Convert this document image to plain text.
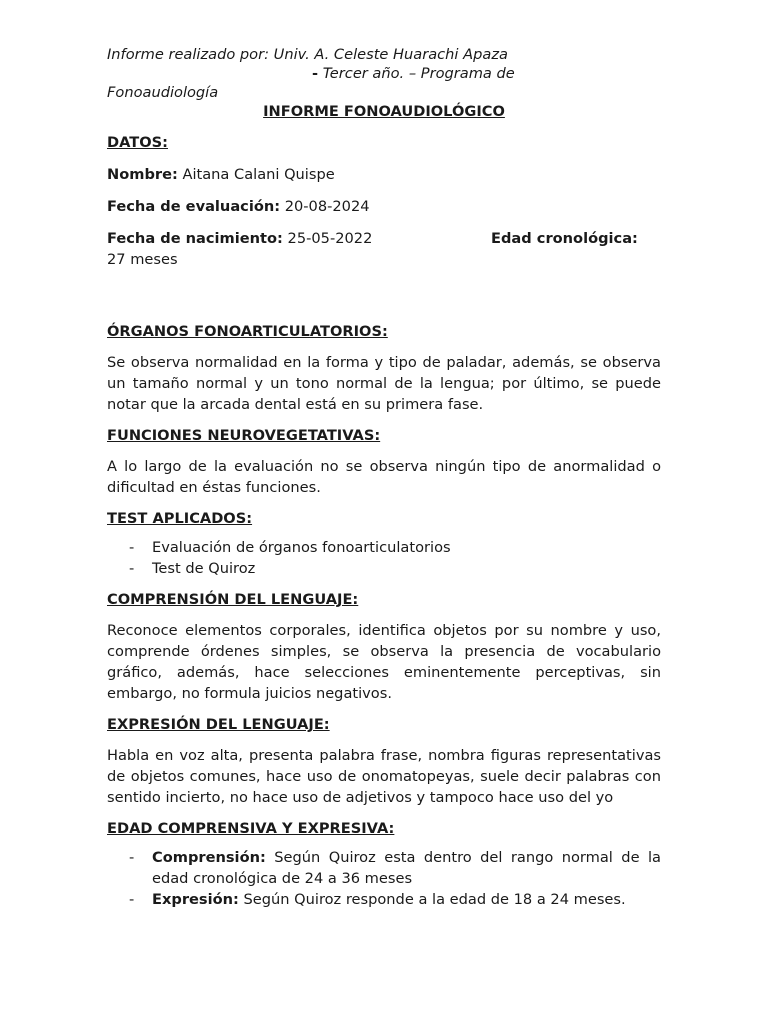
Informe realizado por: Univ. A. Celeste Huarachi Apaza

- Tercer año. – Programa de

Fonoaudiología

INFORME FONOAUDIOLÓGICO

DATOS:

Nombre: Aitana Calani Quispe

Fecha de evaluación: 20-08-2024

Fecha de nacimiento: 25-05-2022	Edad cronológica:

27 meses

ÓRGANOS FONOARTICULATORIOS:

Se observa normalidad en la forma y tipo de paladar, además, se observa un tamaño normal y un tono normal de la lengua; por último, se puede notar que la arcada dental está en su primera fase.

FUNCIONES NEUROVEGETATIVAS:

A lo largo de la evaluación no se observa ningún tipo de anormalidad o dificultad en éstas funciones.

TEST APLICADOS:

- Evaluación de órganos fonoarticulatorios
- Test de Quiroz

COMPRENSIÓN DEL LENGUAJE:

Reconoce elementos corporales, identifica objetos por su nombre y uso, comprende órdenes simples, se observa la presencia de vocabulario gráfico, además, hace selecciones eminentemente perceptivas, sin embargo, no formula juicios negativos.

EXPRESIÓN DEL LENGUAJE:

Habla en voz alta, presenta palabra frase, nombra figuras representativas de objetos comunes, hace uso de onomatopeyas, suele decir palabras con sentido incierto, no hace uso de adjetivos y tampoco hace uso del yo

EDAD COMPRENSIVA Y EXPRESIVA:

- Comprensión: Según Quiroz esta dentro del rango normal de la edad cronológica de 24 a 36 meses
- Expresión: Según Quiroz responde a la edad de 18 a 24 meses.
